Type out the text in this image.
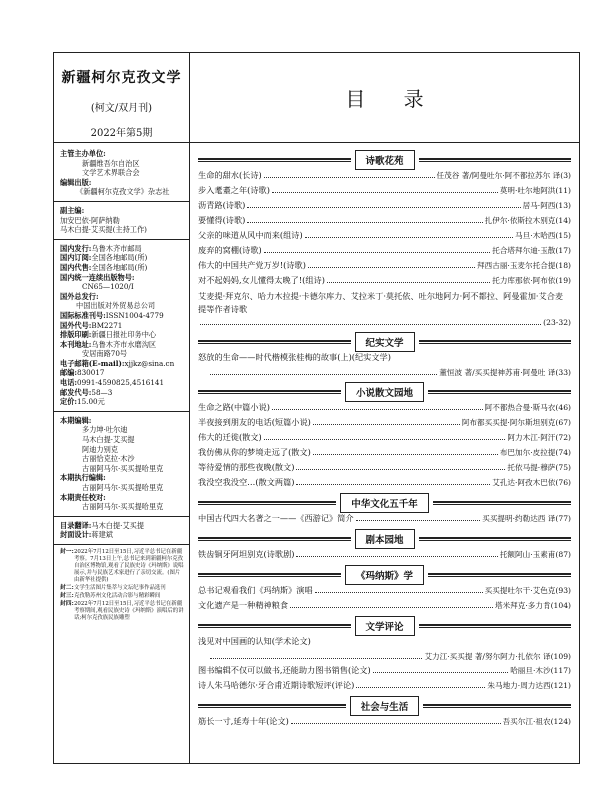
新疆柯尔克孜文学
(柯文/双月刊)
2022年第5期
主管主办单位:
新疆维吾尔自治区
文学艺术界联合会
编辑出版:
《新疆柯尔克孜文学》杂志社
副主编:
加安巴依·阿萨纳勒
马木白提·艾买提(主持工作)
国内发行:乌鲁木齐市邮局
国内订阅:全国各地邮局(所)
国内代售:全国各地邮局(所)
国内统一连续出版物号:
CN65—1020/I
国外总发行:
中国出版对外贸易总公司
国际标准刊号:ISSN1004-4779
国外代号:BM2271
排版印刷:新疆日报社印务中心
本刊地址:乌鲁木齐市水磨沟区
安居南路70号
电子邮箱(E-mail):xjjkz@sina.cn
邮编:830017
电话:0991-4590825,4516141
邮发代号:58—3
定价:15.00元
本期编辑:
多力坤·吐尔迪
马木白提·艾买提
阿迪力别克
古丽恰克拉·木沙
古丽阿马尔·买买提哈里克
本期执行编辑:
古丽阿马尔·买买提哈里克
本期责任校对:
古丽阿马尔·买买提哈里克
目录翻译:马木白提·艾买提
封面设计:蒋建斌
封一: 2022年7月12日至15日,习近平总书记在新疆考察。7月13日上午,总书记来到新疆柯尔克孜自治区博物馆,观看了民族史诗《玛纳斯》说唱展示,并与民族艺术家进行了亲切交流。(图片由新华社提供)
封二: 文学生活图片集萃与文坛纪事作品选刊
封三: 克孜勒苏州文化活动合影与精彩瞬间
封四: 2022年7月12日至15日,习近平总书记在新疆考察期间,观看民族史诗《玛纳斯》演唱后的讲话;柯尔克孜族民族雕塑
目 录
诗歌花苑
生命的甜水(长诗)	任茂谷 著/阿曼吐尔·阿不都拉苏尔 译 (3)
步入耄耋之年(诗歌)	莫明·吐尔地阿洪 (11)
沥青路(诗歌)	居马·阿西 (13)
要懂得(诗歌)	扎伊尔·依斯拉木别克 (14)
父亲的味道从风中而来(组诗)	马旦·木哈西 (15)
废弃的窝棚(诗歌)	托合塔拜尔迪·玉散 (17)
伟大的中国共产党万岁!(诗歌)	拜西古丽·玉麦尔托合提 (18)
对不起妈妈,女儿懂得太晚了!(组诗)	托力库那依·阿布依 (19)
艾麦提·拜克尔、哈力木拉提·卡德尔库力、艾拉米丁·莫托依、吐尔地阿力·阿不都拉、阿曼霍加·艾合麦提等作者诗歌
(23-32)
纪实文学
怒放的生命——时代楷模张桂梅的故事(上)(纪实文学)
董恒波 著/买买提神苏甫·阿曼吐 译 (33)
小说散文园地
生命之路(中篇小说)	阿不都热合曼·斯马衣 (46)
半夜接到朋友的电话(短篇小说)	阿布都买买提·阿尔斯坦别克 (67)
伟大的迁徙(散文)	阿力木江·阿汗 (72)
我仿佛从你的梦境走远了(散文)	布巴加尔·皮拉提 (74)
等待爱情的那些夜晚(散文)	托依马提·穆萨 (75)
我没空我没空…(散文两篇)	艾孔达·阿孜木巴依 (76)
中华文化五千年
中国古代四大名著之一——《西游记》简介	买买提明·约勒达西 译 (77)
剧本园地
铁齿铜牙阿坦别克(诗歌剧)	托额阿山·玉素甫 (87)
《玛纳斯》学
总书记观看我们《玛纳斯》演唱	买买提吐尔干·艾色克 (93)
文化遗产是一种精神粮食	塔米拜克·多力肯 (104)
文学评论
浅见对中国画的认知(学术论文)
艾力江·买买提 著/努尔阿力·扎依尔 译 (109)
图书编辑不仅可以做书,还能助力图书销售(论文)	哈丽旦·木沙 (117)
诗人朱马哈德尔·牙合甫近期诗歌短评(评论)	朱马地力·周力达西 (121)
社会与生活
筋长一寸,延寿十年(论文)	吾买尔江·祖农 (124)
